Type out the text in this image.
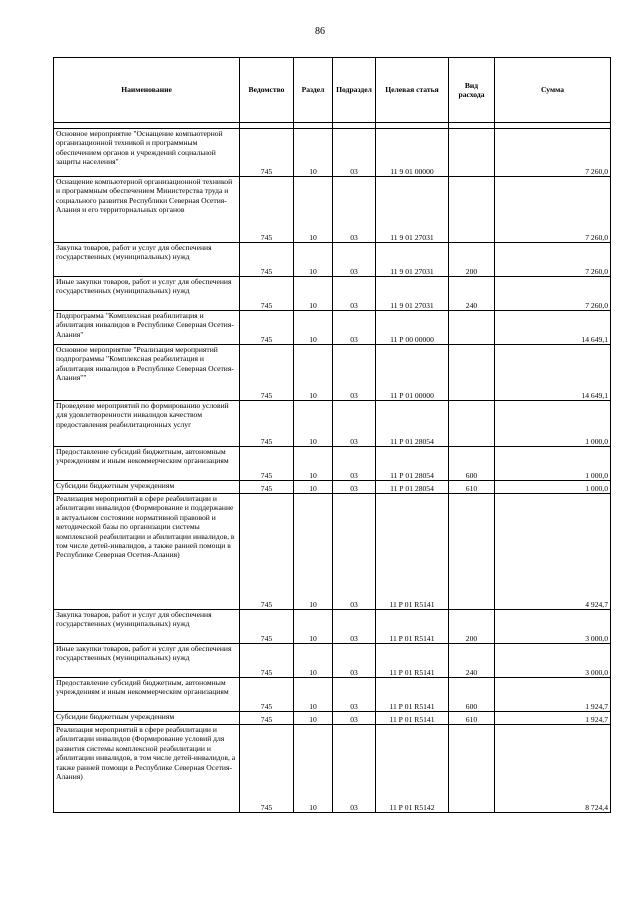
86
Наименование	Ведомство	Раздел	Подраздел	Целевая статья	Вид расхода	Сумма

Основное мероприятие "Оснащение компьютерной организационной техникой и программным обеспечением органов и учреждений социальной защиты населения"	745	10	03	11 9 01 00000		7 260,0
Оснащение компьютерной организационной техникой и программным обеспечением Министерства труда и социального развития Республики Северная Осетия-Алания и его территориальных органов	745	10	03	11 9 01 27031		7 260,0
Закупка товаров, работ и услуг для обеспечения государственных (муниципальных) нужд	745	10	03	11 9 01 27031	200	7 260,0
Иные закупки товаров, работ и услуг для обеспечения государственных (муниципальных) нужд	745	10	03	11 9 01 27031	240	7 260,0
Подпрограмма "Комплексная реабилитация и абилитация инвалидов в Республике Северная Осетия-Алания"	745	10	03	11 Р 00 00000		14 649,1
Основное мероприятие "Реализация мероприятий подпрограммы "Комплексная реабилитация и абилитация инвалидов в Республике Северная Осетия-Алания""	745	10	03	11 Р 01 00000		14 649,1
Проведение мероприятий по формированию условий для удовлетворенности инвалидов качеством предоставления реабилитационных услуг	745	10	03	11 Р 01 28054		1 000,0
Предоставление субсидий бюджетным, автономным учреждениям и иным некоммерческим организациям	745	10	03	11 Р 01 28054	600	1 000,0
Субсидии бюджетным учреждениям	745	10	03	11 Р 01 28054	610	1 000,0
Реализация мероприятий в сфере реабилитации и абилитации инвалидов (Формирование и поддержание в актуальном состоянии нормативной правовой и методической базы по организации системы комплексной реабилитации и абилитации инвалидов, в том числе детей-инвалидов, а также ранней помощи в Республике Северная Осетия-Алания)	745	10	03	11 Р 01 R5141		4 924,7
Закупка товаров, работ и услуг для обеспечения государственных (муниципальных) нужд	745	10	03	11 Р 01 R5141	200	3 000,0
Иные закупки товаров, работ и услуг для обеспечения государственных (муниципальных) нужд	745	10	03	11 Р 01 R5141	240	3 000,0
Предоставление субсидий бюджетным, автономным учреждениям и иным некоммерческим организациям	745	10	03	11 Р 01 R5141	600	1 924,7
Субсидии бюджетным учреждениям	745	10	03	11 Р 01 R5141	610	1 924,7
Реализация мероприятий в сфере реабилитации и абилитации инвалидов (Формирование условий для развития системы комплексной реабилитации и абилитации инвалидов, в том числе детей-инвалидов, а также ранней помощи в Республике Северная Осетия-Алания)	745	10	03	11 Р 01 R5142		8 724,4
